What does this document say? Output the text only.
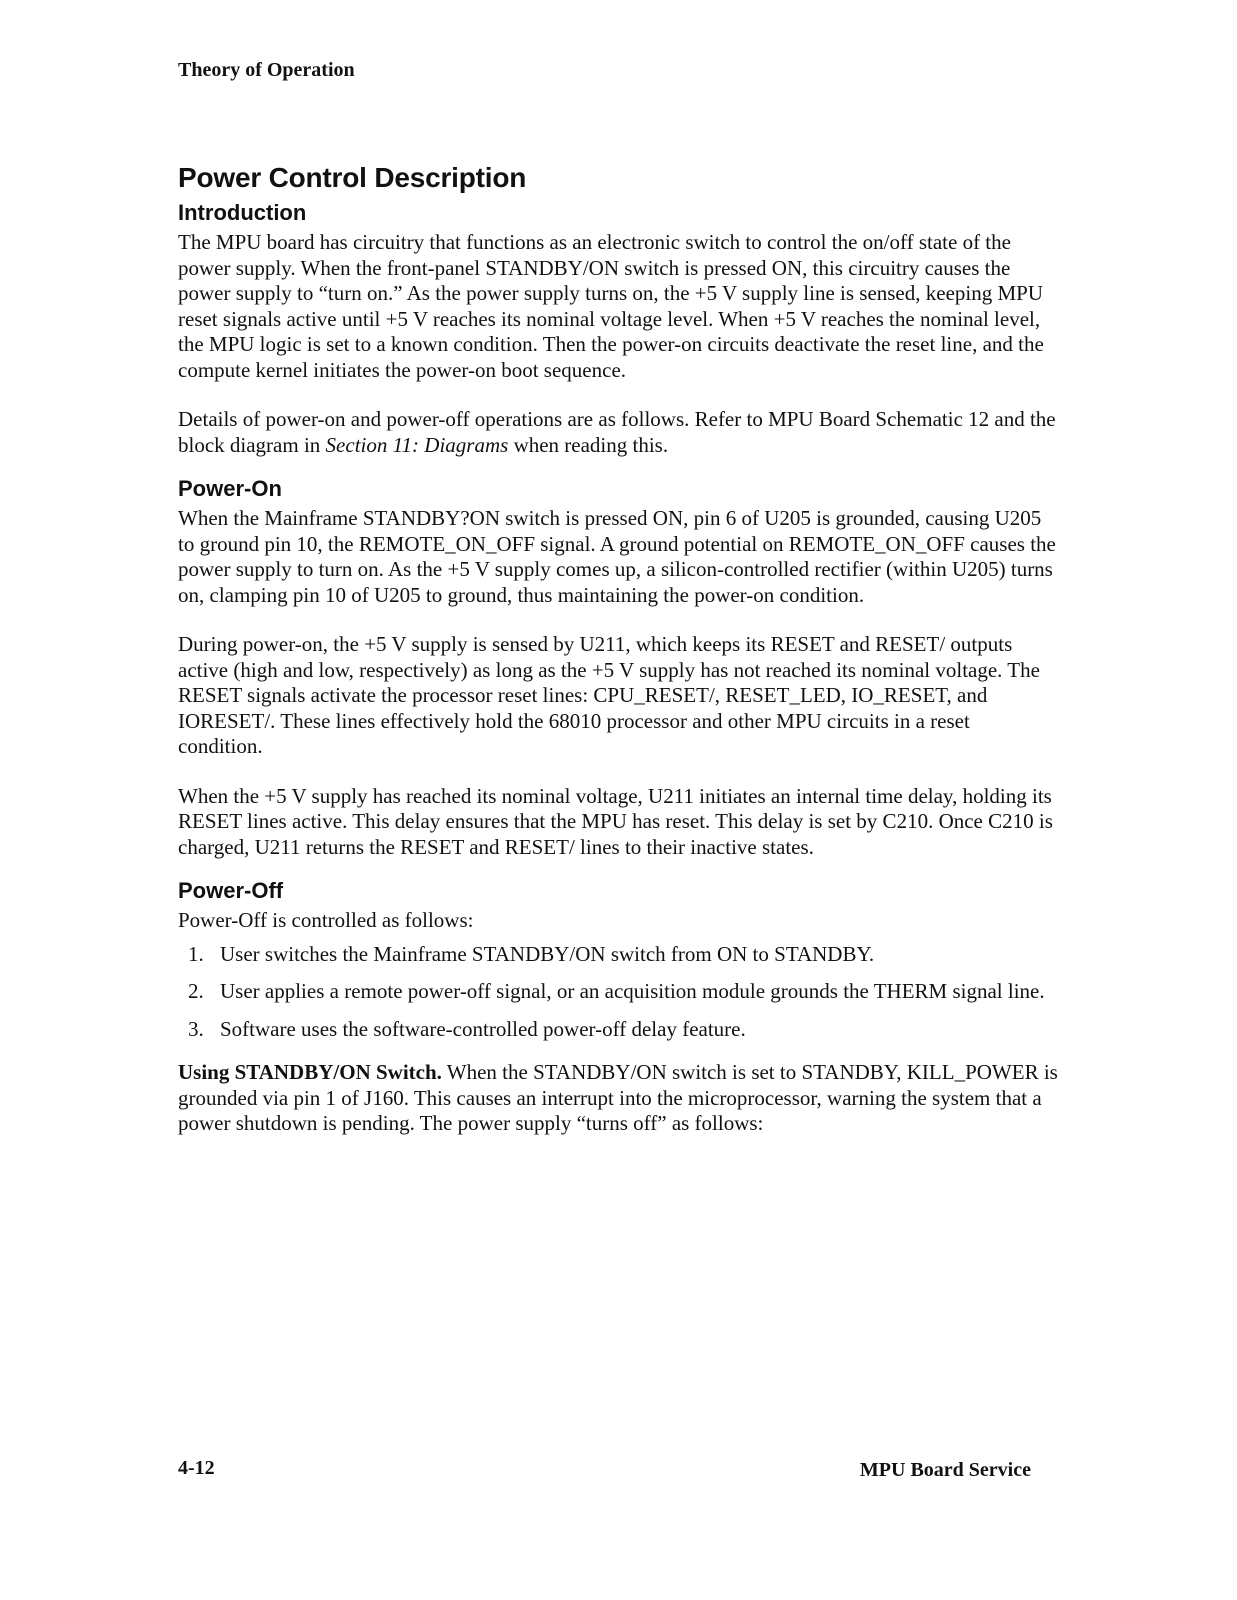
Theory of Operation

Power Control Description
Introduction

The MPU board has circuitry that functions as an electronic switch to control the on/off state of the power supply. When the front-panel STANDBY/ON switch is pressed ON, this circuitry causes the power supply to “turn on.” As the power supply turns on, the +5 V supply line is sensed, keeping MPU reset signals active until +5 V reaches its nominal voltage level. When +5 V reaches the nominal level, the MPU logic is set to a known condition. Then the power-on circuits deactivate the reset line, and the compute kernel initiates the power-on boot sequence.

Details of power-on and power-off operations are as follows. Refer to MPU Board Schematic 12 and the block diagram in Section 11: Diagrams when reading this.

Power-On

When the Mainframe STANDBY?ON switch is pressed ON, pin 6 of U205 is grounded, causing U205 to ground pin 10, the REMOTE_ON_OFF signal. A ground potential on REMOTE_ON_OFF causes the power supply to turn on. As the +5 V supply comes up, a silicon-controlled rectifier (within U205) turns on, clamping pin 10 of U205 to ground, thus maintaining the power-on condition.

During power-on, the +5 V supply is sensed by U211, which keeps its RESET and RESET/ outputs active (high and low, respectively) as long as the +5 V supply has not reached its nominal voltage. The RESET signals activate the processor reset lines: CPU_RESET/, RESET_LED, IO_RESET, and IORESET/. These lines effectively hold the 68010 processor and other MPU circuits in a reset condition.

When the +5 V supply has reached its nominal voltage, U211 initiates an internal time delay, holding its RESET lines active. This delay ensures that the MPU has reset. This delay is set by C210. Once C210 is charged, U211 returns the RESET and RESET/ lines to their inactive states.

Power-Off

Power-Off is controlled as follows:

1. User switches the Mainframe STANDBY/ON switch from ON to STANDBY.
2. User applies a remote power-off signal, or an acquisition module grounds the THERM signal line.
3. Software uses the software-controlled power-off delay feature.

Using STANDBY/ON Switch. When the STANDBY/ON switch is set to STANDBY, KILL_POWER is grounded via pin 1 of J160. This causes an interrupt into the microprocessor, warning the system that a power shutdown is pending. The power supply “turns off” as follows:

4-12	MPU Board Service
